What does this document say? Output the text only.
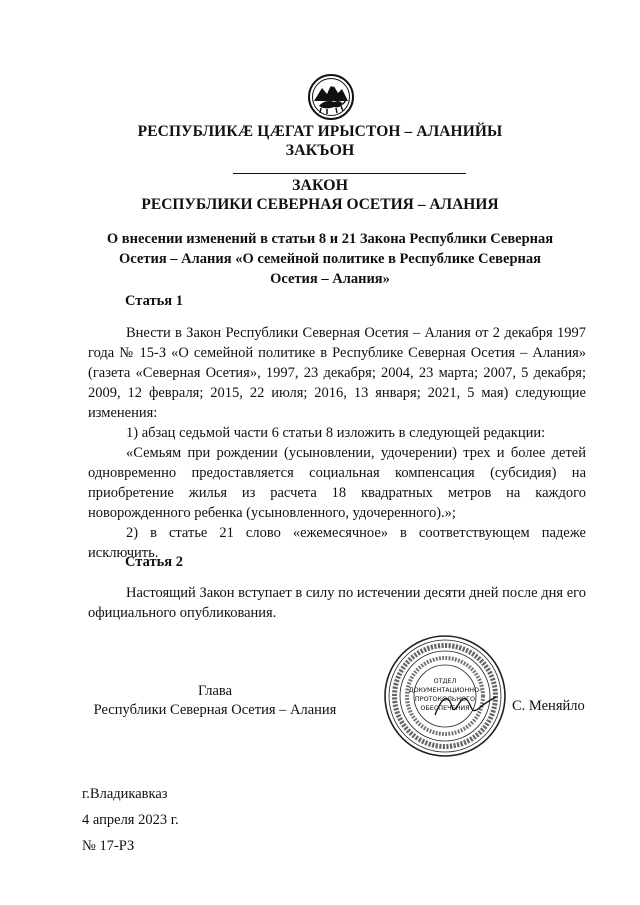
РЕСПУБЛИКӔ ЦӔГАТ ИРЫСТОН – АЛАНИЙЫ
ЗАКЪОН
ЗАКОН
РЕСПУБЛИКИ СЕВЕРНАЯ ОСЕТИЯ – АЛАНИЯ
О внесении изменений в статьи 8 и 21 Закона Республики Северная
Осетия – Алания «О семейной политике в Республике Северная
Осетия – Алания»
Статья 1

Внести в Закон Республики Северная Осетия – Алания от 2 декабря 1997 года № 15-З «О семейной политике в Республике Северная Осетия – Алания» (газета «Северная Осетия», 1997, 23 декабря; 2004, 23 марта; 2007, 5 декабря; 2009, 12 февраля; 2015, 22 июля; 2016, 13 января; 2021, 5 мая) следующие изменения:

1) абзац седьмой части 6 статьи 8 изложить в следующей редакции:

«Семьям при рождении (усыновлении, удочерении) трех и более детей одновременно предоставляется социальная компенсация (субсидия) на приобретение жилья из расчета 18 квадратных метров на каждого новорожденного ребенка (усыновленного, удочеренного).»;

2) в статье 21 слово «ежемесячное» в соответствующем падеже исключить.

Статья 2

Настоящий Закон вступает в силу по истечении десяти дней после дня его официального опубликования.

Глава
Республики Северная Осетия – Алания
ОТДЕЛ
ДОКУМЕНТАЦИОННО-
ПРОТОКОЛЬНОГО
ОБЕСПЕЧЕНИЯ	С. Меняйло
г.Владикавказ
4 апреля 2023 г.
№ 17-РЗ
